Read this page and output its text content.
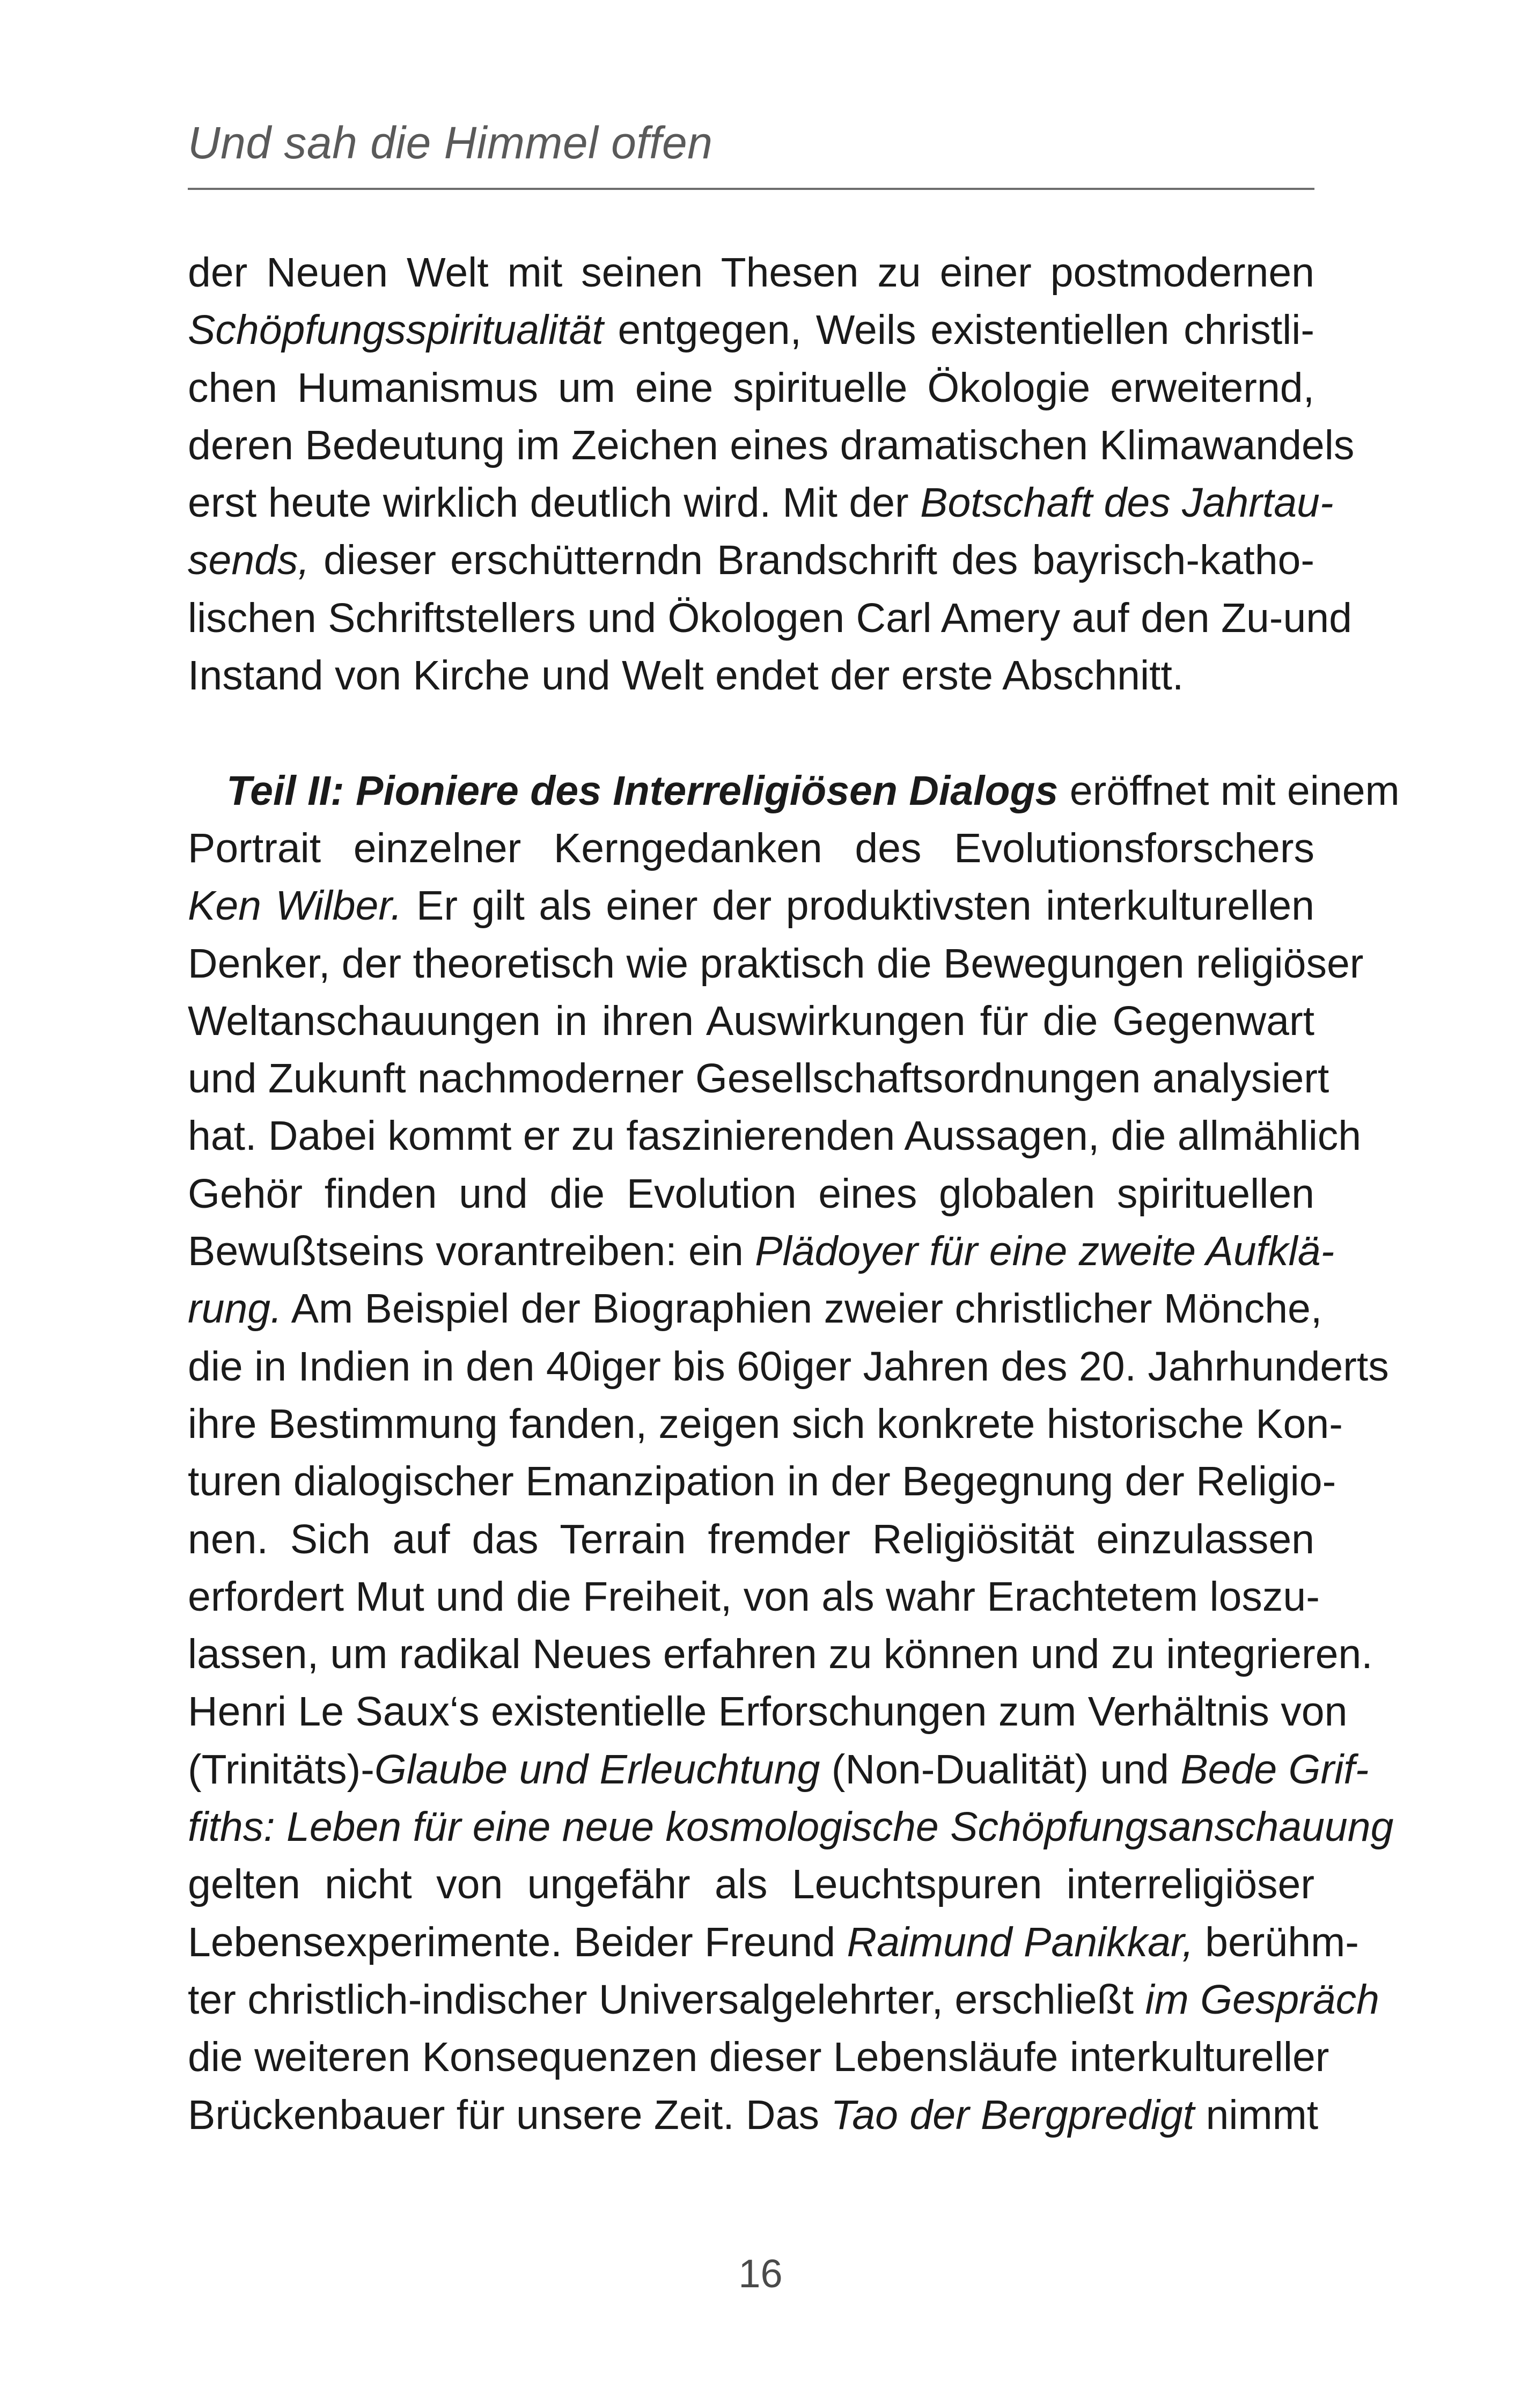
Und sah die Himmel offen
der Neuen Welt mit seinen Thesen zu einer postmodernen
Schöpfungsspiritualität entgegen, Weils existentiellen christli-
chen Humanismus um eine spirituelle Ökologie erweiternd,
deren Bedeutung im Zeichen eines dramatischen Klimawandels
erst heute wirklich deutlich wird. Mit der Botschaft des Jahrtau-
sends, dieser erschütterndn Brandschrift des bayrisch-katho-
lischen Schriftstellers und Ökologen Carl Amery auf den Zu-und
Instand von Kirche und Welt endet der erste Abschnitt.
Teil II: Pioniere des Interreligiösen Dialogs eröffnet mit einem
Portrait einzelner Kerngedanken des Evolutionsforschers
Ken Wilber. Er gilt als einer der produktivsten interkulturellen
Denker, der theoretisch wie praktisch die Bewegungen religiöser
Weltanschauungen in ihren Auswirkungen für die Gegenwart
und Zukunft nachmoderner Gesellschaftsordnungen analysiert
hat. Dabei kommt er zu faszinierenden Aussagen, die allmählich
Gehör finden und die Evolution eines globalen spirituellen
Bewußtseins vorantreiben: ein Plädoyer für eine zweite Aufklä-
rung. Am Beispiel der Biographien zweier christlicher Mönche,
die in Indien in den 40iger bis 60iger Jahren des 20. Jahrhunderts
ihre Bestimmung fanden, zeigen sich konkrete historische Kon-
turen dialogischer Emanzipation in der Begegnung der Religio-
nen. Sich auf das Terrain fremder Religiösität einzulassen
erfordert Mut und die Freiheit, von als wahr Erachtetem loszu-
lassen, um radikal Neues erfahren zu können und zu integrieren.
Henri Le Saux‘s existentielle Erforschungen zum Verhältnis von
(Trinitäts)-Glaube und Erleuchtung (Non-Dualität) und Bede Grif-
fiths: Leben für eine neue kosmologische Schöpfungsanschauung
gelten nicht von ungefähr als Leuchtspuren interreligiöser
Lebensexperimente. Beider Freund Raimund Panikkar, berühm-
ter christlich-indischer Universalgelehrter, erschließt im Gespräch
die weiteren Konsequenzen dieser Lebensläufe interkultureller
Brückenbauer für unsere Zeit. Das Tao der Bergpredigt nimmt
16
